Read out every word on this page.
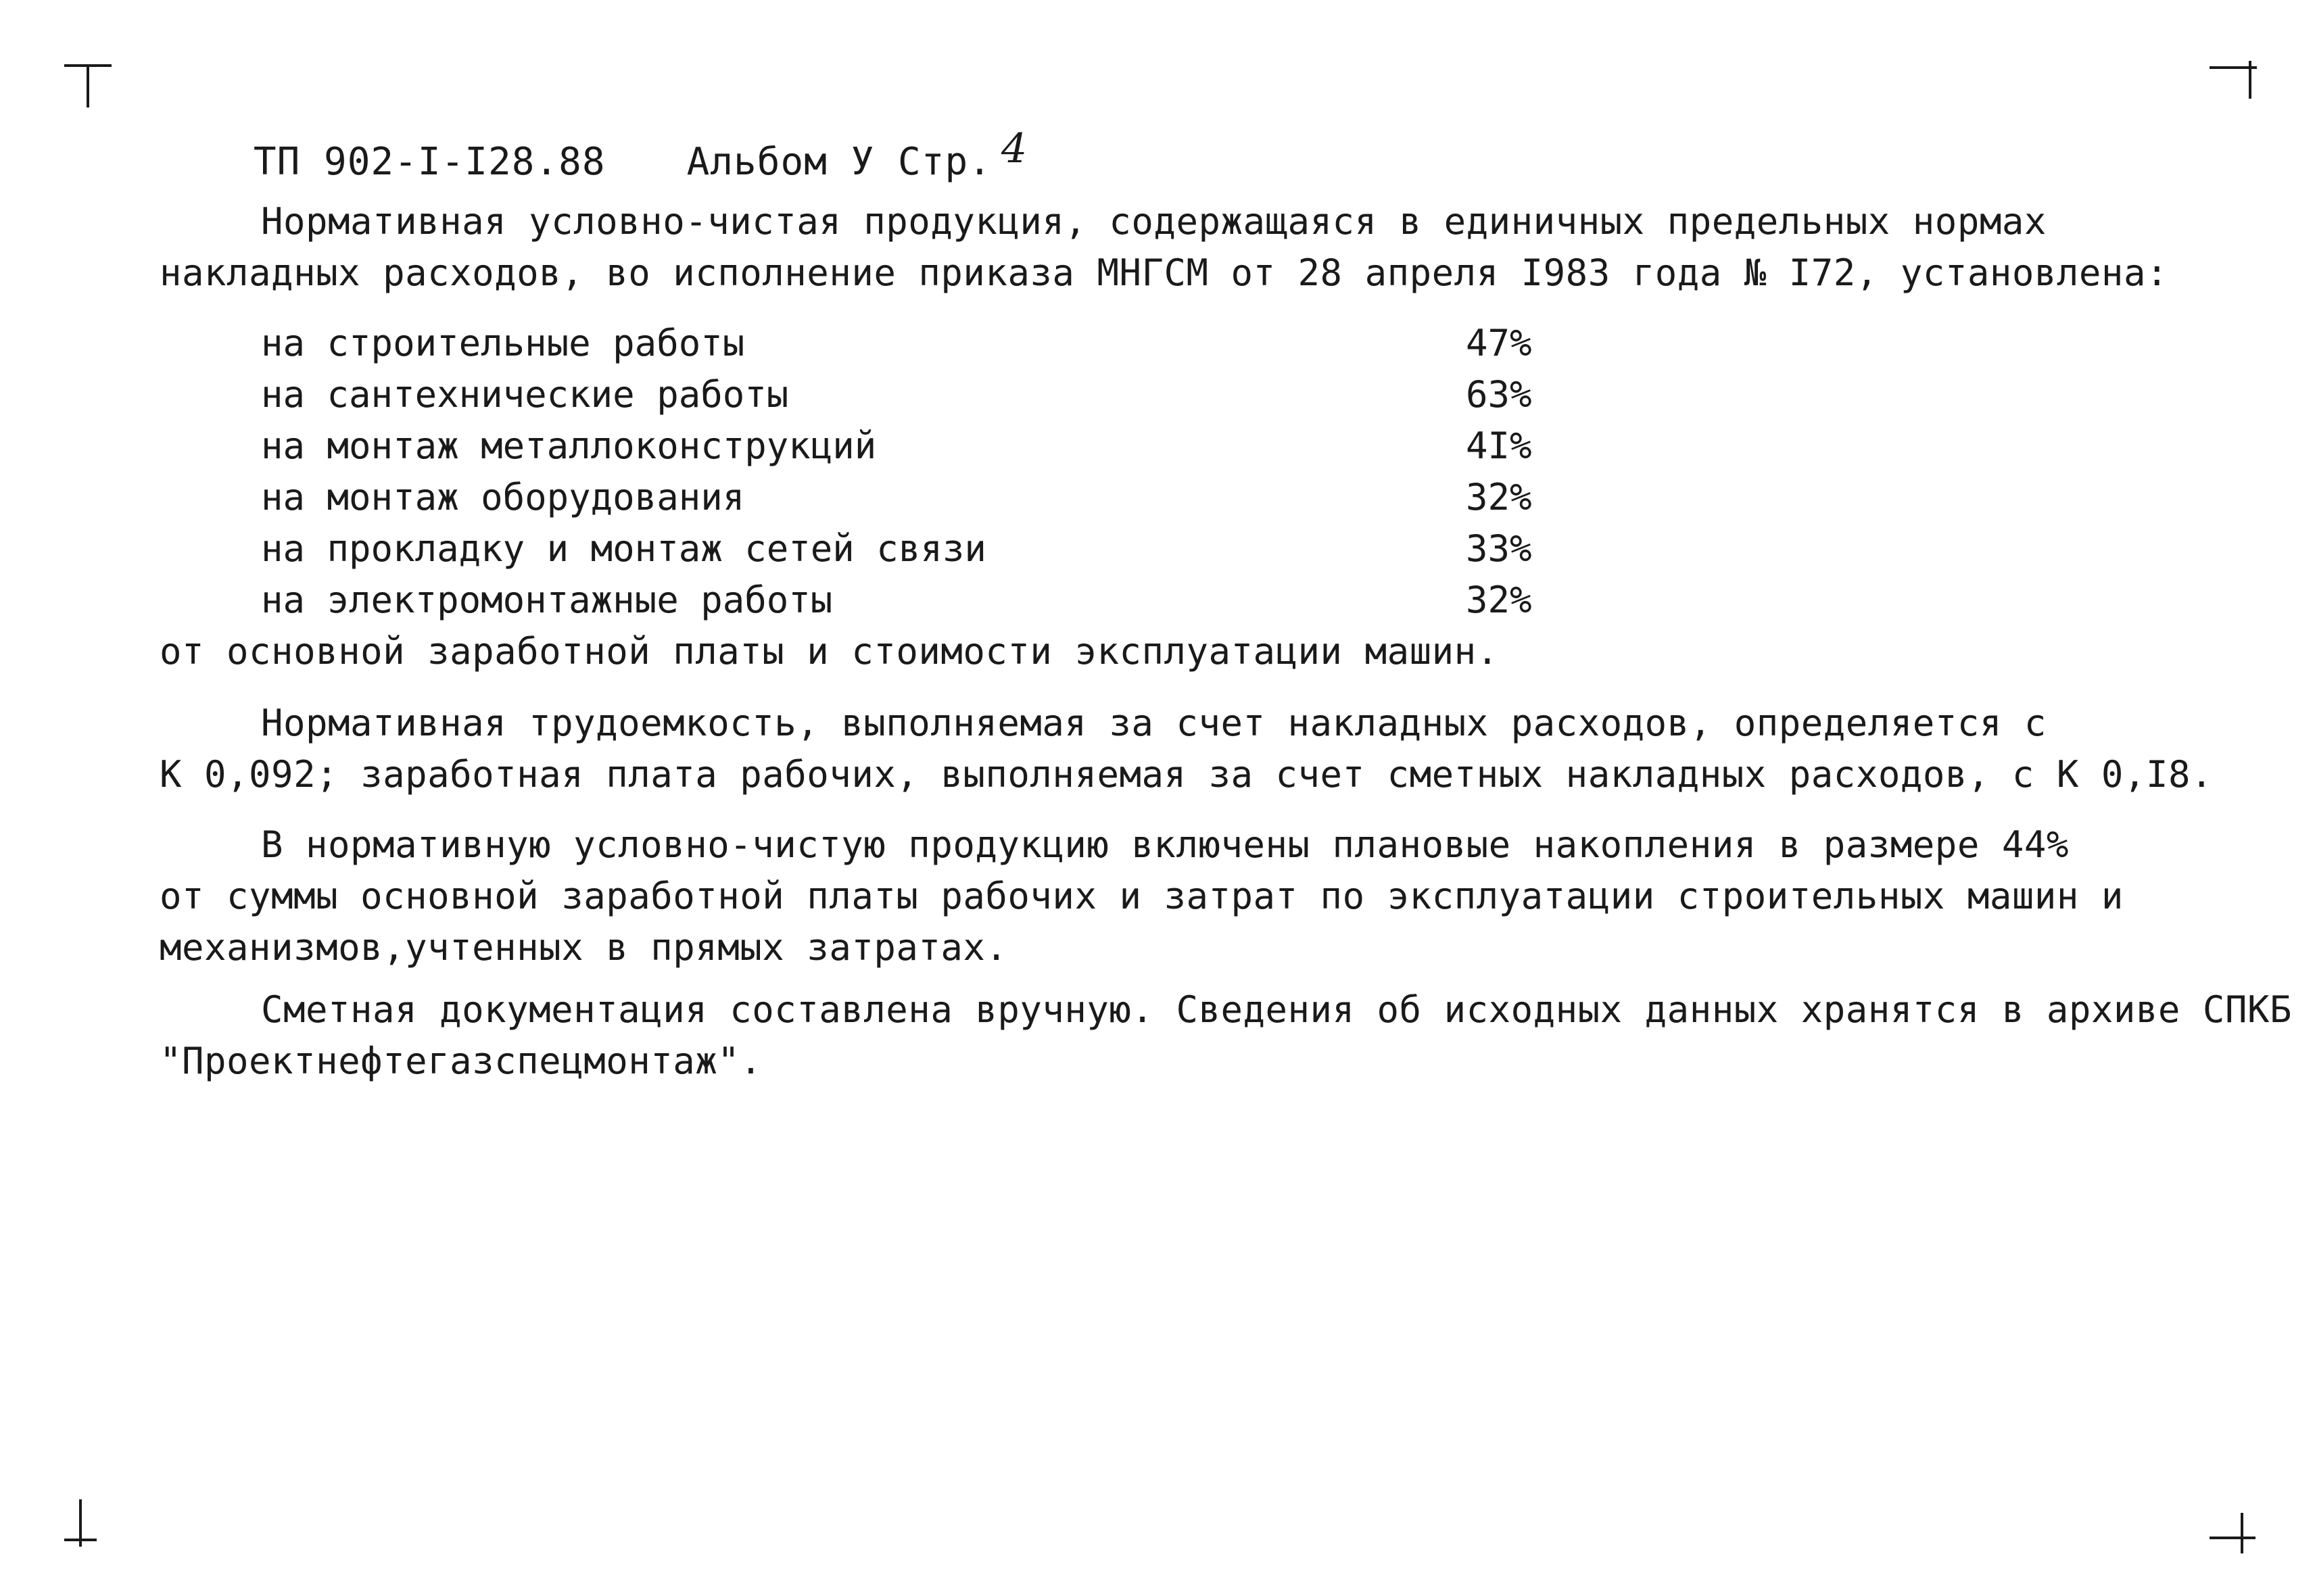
ТП 902-I-I28.88 Альбом У Стр. 4

Нормативная условно-чистая продукция, содержащаяся в единичных предельных нормах
накладных расходов, во исполнение приказа МНГСМ от 28 апреля I983 года № I72, установлена:
на строительные работы	47%
на сантехнические работы	63%
на монтаж металлоконструкций	4I%
на монтаж оборудования	32%
на прокладку и монтаж сетей связи	33%
на электромонтажные работы	32%
от основной заработной платы и стоимости эксплуатации машин.
Нормативная трудоемкость, выполняемая за счет накладных расходов, определяется с
К 0,092; заработная плата рабочих, выполняемая за счет сметных накладных расходов, с К 0,I8.
В нормативную условно-чистую продукцию включены плановые накопления в размере 44%
от суммы основной заработной платы рабочих и затрат по эксплуатации строительных машин и
механизмов,учтенных в прямых затратах.
Сметная документация составлена вручную. Сведения об исходных данных хранятся в архиве СПКБ
"Проектнефтегазспецмонтаж".
